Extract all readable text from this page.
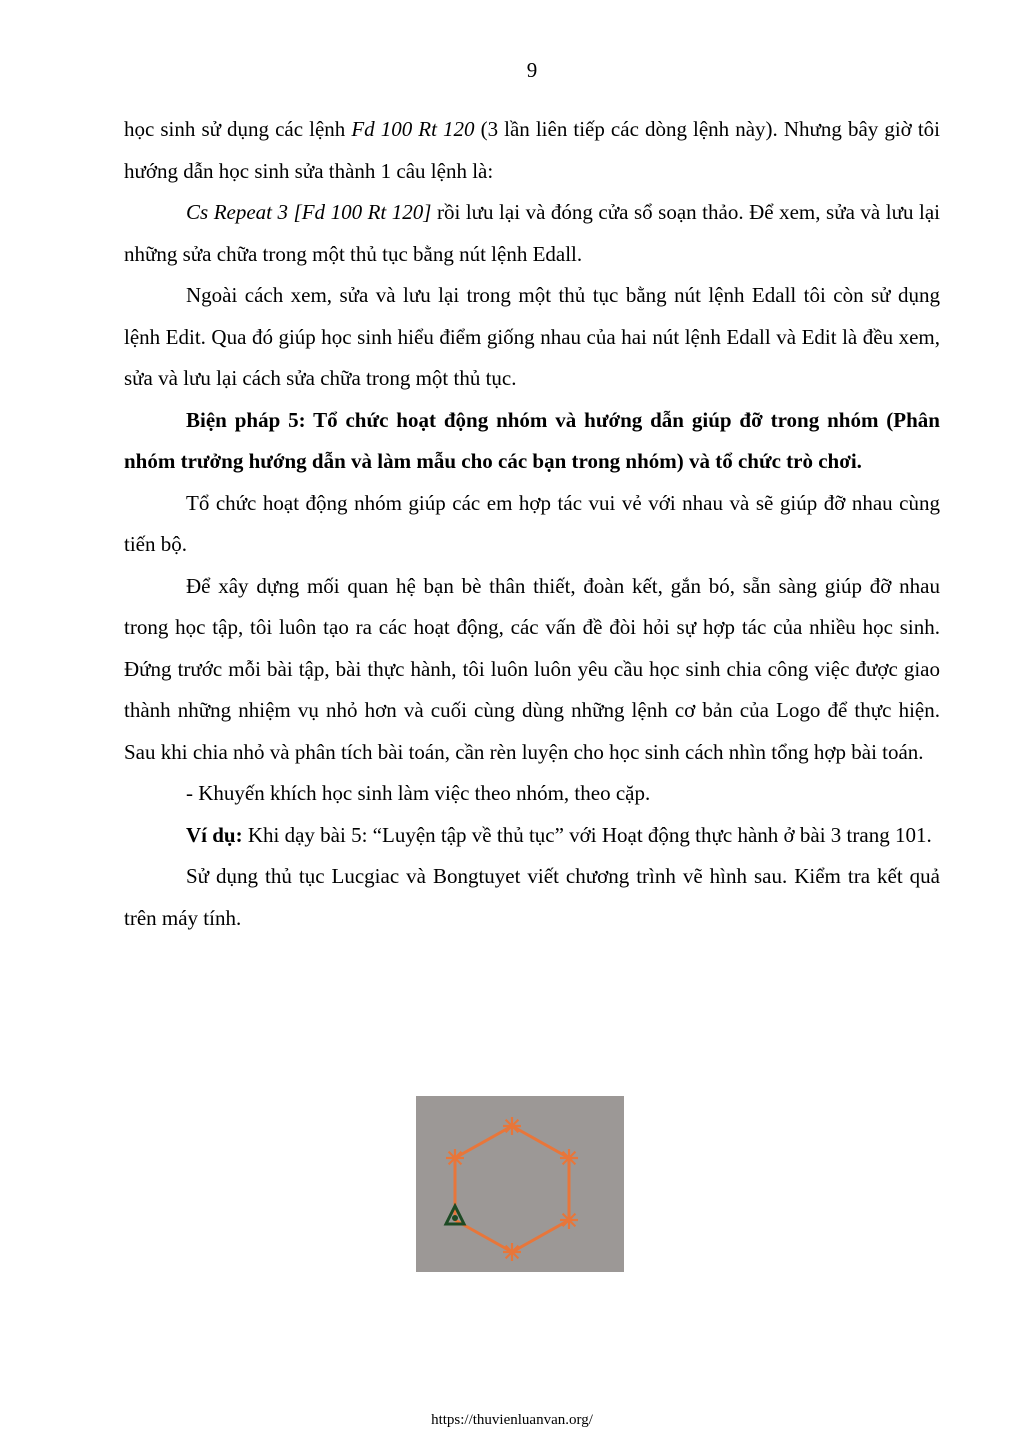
9

học sinh sử dụng các lệnh Fd 100 Rt 120 (3 lần liên tiếp các dòng lệnh này). Nhưng bây giờ tôi hướng dẫn học sinh sửa thành 1 câu lệnh là:

Cs Repeat 3 [Fd 100 Rt 120] rồi lưu lại và đóng cửa sổ soạn thảo. Để xem, sửa và lưu lại những sửa chữa trong một thủ tục bằng nút lệnh Edall.

Ngoài cách xem, sửa và lưu lại trong một thủ tục bằng nút lệnh Edall tôi còn sử dụng lệnh Edit. Qua đó giúp học sinh hiểu điểm giống nhau của hai nút lệnh Edall và Edit là đều xem, sửa và lưu lại cách sửa chữa trong một thủ tục.

Biện pháp 5: Tổ chức hoạt động nhóm và hướng dẫn giúp đỡ trong nhóm (Phân nhóm trưởng hướng dẫn và làm mẫu cho các bạn trong nhóm) và tổ chức trò chơi.

Tổ chức hoạt động nhóm giúp các em hợp tác vui vẻ với nhau và sẽ giúp đỡ nhau cùng tiến bộ.

Để xây dựng mối quan hệ bạn bè thân thiết, đoàn kết, gắn bó, sẵn sàng giúp đỡ nhau trong học tập, tôi luôn tạo ra các hoạt động, các vấn đề đòi hỏi sự hợp tác của nhiều học sinh. Đứng trước mỗi bài tập, bài thực hành, tôi luôn luôn yêu cầu học sinh chia công việc được giao thành những nhiệm vụ nhỏ hơn và cuối cùng dùng những lệnh cơ bản của Logo để thực hiện. Sau khi chia nhỏ và phân tích bài toán, cần rèn luyện cho học sinh cách nhìn tổng hợp bài toán.

- Khuyến khích học sinh làm việc theo nhóm, theo cặp.

Ví dụ: Khi dạy bài 5: “Luyện tập về thủ tục” với Hoạt động thực hành ở bài 3 trang 101.

Sử dụng thủ tục Lucgiac và Bongtuyet viết chương trình vẽ hình sau. Kiểm tra kết quả trên máy tính.

https://thuvienluanvan.org/
